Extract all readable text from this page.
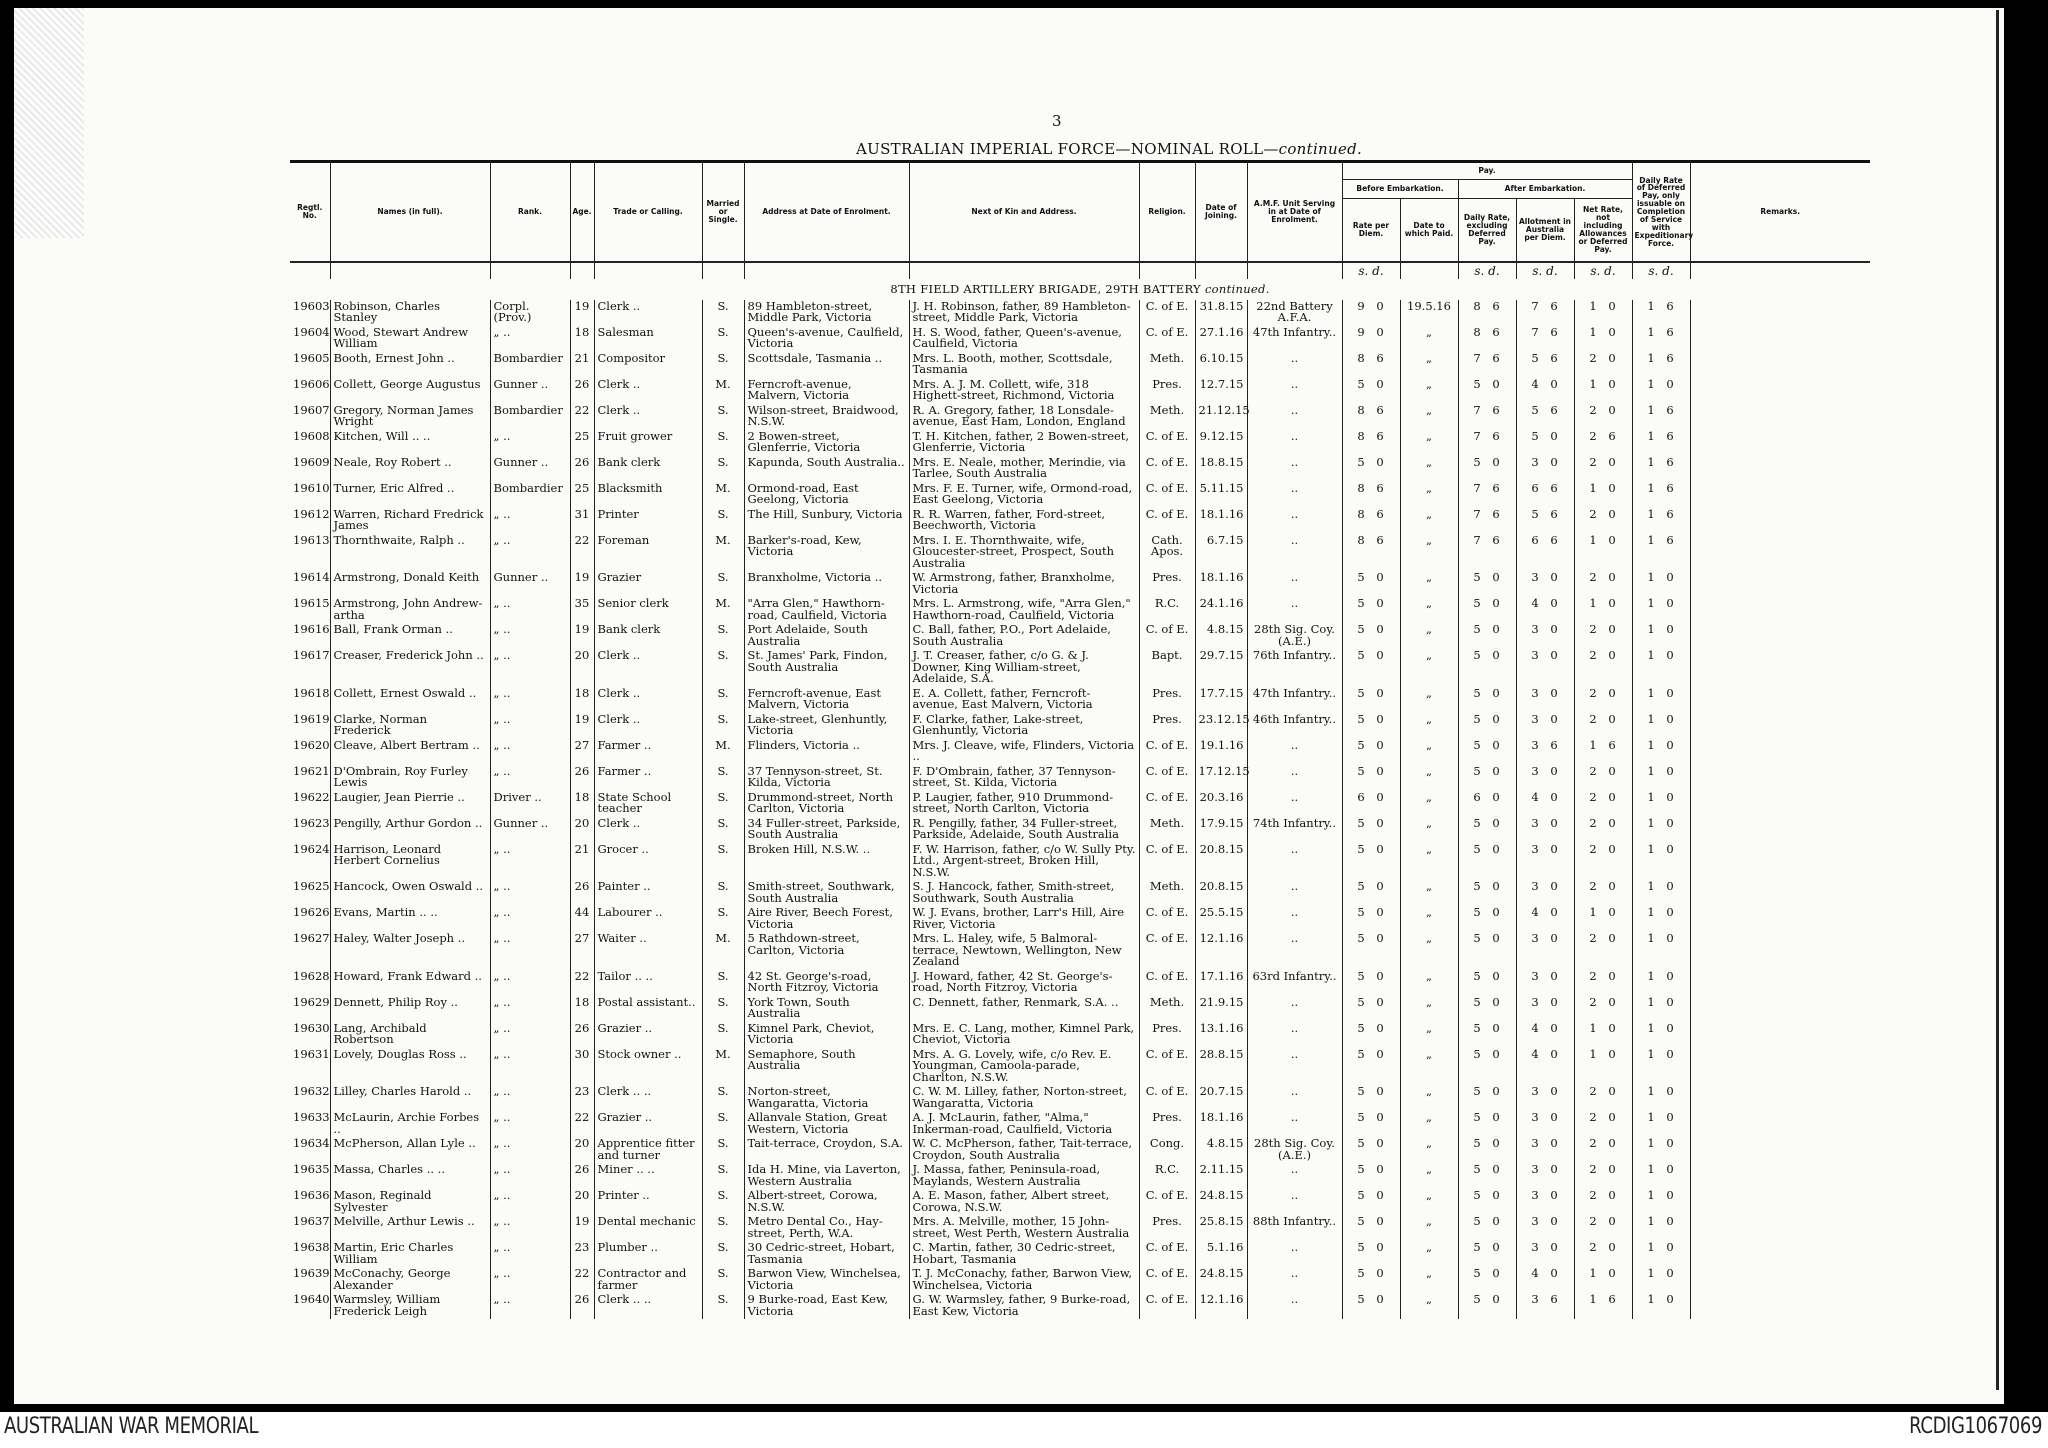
3
AUSTRALIAN IMPERIAL FORCE—NOMINAL ROLL—continued.
Regtl. No.	Names (in full).	Rank.	Age.	Trade or Calling.	Married or Single.	Address at Date of Enrolment.	Next of Kin and Address.	Religion.	Date of Joining.	A.M.F. Unit Serving in at Date of Enrolment.	Pay.					Daily Rate of Deferred Pay, only issuable on Completion of Service with Expeditionary Force.	Remarks.
											Before Embarkation.		After Embarkation.				
											Rate per Diem.	Date to which Paid.	Daily Rate, excluding Deferred Pay.	Allotment in Australia per Diem.	Net Rate, not including Allowances or Deferred Pay.		
											s. d.		s. d.	s. d.	s. d.	s. d.	
8TH FIELD ARTILLERY BRIGADE, 29TH BATTERY continued.																	
19603	Robinson, Charles Stanley	Corpl. (Prov.)	19	Clerk ..	S.	89 Hambleton-street, Middle Park, Victoria	J. H. Robinson, father, 89 Hambleton-street, Middle Park, Victoria	C. of E.	31.8.15	22nd Battery A.F.A.	9 0	19.5.16	8 6	7 6	1 0	1 6	
19604	Wood, Stewart Andrew William	„ ..	18	Salesman	S.	Queen's-avenue, Caulfield, Victoria	H. S. Wood, father, Queen's-avenue, Caulfield, Victoria	C. of E.	27.1.16	47th Infantry..	9 0	„	8 6	7 6	1 0	1 6	
19605	Booth, Ernest John ..	Bombardier	21	Compositor	S.	Scottsdale, Tasmania ..	Mrs. L. Booth, mother, Scottsdale, Tasmania	Meth.	6.10.15	..	8 6	„	7 6	5 6	2 0	1 6	
19606	Collett, George Augustus	Gunner ..	26	Clerk ..	M.	Ferncroft-avenue, Malvern, Victoria	Mrs. A. J. M. Collett, wife, 318 Highett-street, Richmond, Victoria	Pres.	12.7.15	..	5 0	„	5 0	4 0	1 0	1 0	
19607	Gregory, Norman James Wright	Bombardier	22	Clerk ..	S.	Wilson-street, Braidwood, N.S.W.	R. A. Gregory, father, 18 Lonsdale-avenue, East Ham, London, England	Meth.	21.12.15	..	8 6	„	7 6	5 6	2 0	1 6	
19608	Kitchen, Will .. ..	„ ..	25	Fruit grower	S.	2 Bowen-street, Glenferrie, Victoria	T. H. Kitchen, father, 2 Bowen-street, Glenferrie, Victoria	C. of E.	9.12.15	..	8 6	„	7 6	5 0	2 6	1 6	
19609	Neale, Roy Robert ..	Gunner ..	26	Bank clerk	S.	Kapunda, South Australia..	Mrs. E. Neale, mother, Merindie, via Tarlee, South Australia	C. of E.	18.8.15	..	5 0	„	5 0	3 0	2 0	1 6	
19610	Turner, Eric Alfred ..	Bombardier	25	Blacksmith	M.	Ormond-road, East Geelong, Victoria	Mrs. F. E. Turner, wife, Ormond-road, East Geelong, Victoria	C. of E.	5.11.15	..	8 6	„	7 6	6 6	1 0	1 6	
19612	Warren, Richard Fredrick James	„ ..	31	Printer	S.	The Hill, Sunbury, Victoria	R. R. Warren, father, Ford-street, Beechworth, Victoria	C. of E.	18.1.16	..	8 6	„	7 6	5 6	2 0	1 6	
19613	Thornthwaite, Ralph ..	„ ..	22	Foreman	M.	Barker's-road, Kew, Victoria	Mrs. I. E. Thornthwaite, wife, Gloucester-street, Prospect, South Australia	Cath. Apos.	6.7.15	..	8 6	„	7 6	6 6	1 0	1 6	
19614	Armstrong, Donald Keith	Gunner ..	19	Grazier	S.	Branxholme, Victoria ..	W. Armstrong, father, Branxholme, Victoria	Pres.	18.1.16	..	5 0	„	5 0	3 0	2 0	1 0	
19615	Armstrong, John Andrew-artha	„ ..	35	Senior clerk	M.	"Arra Glen," Hawthorn-road, Caulfield, Victoria	Mrs. L. Armstrong, wife, "Arra Glen," Hawthorn-road, Caulfield, Victoria	R.C.	24.1.16	..	5 0	„	5 0	4 0	1 0	1 0	
19616	Ball, Frank Orman ..	„ ..	19	Bank clerk	S.	Port Adelaide, South Australia	C. Ball, father, P.O., Port Adelaide, South Australia	C. of E.	4.8.15	28th Sig. Coy. (A.E.)	5 0	„	5 0	3 0	2 0	1 0	
19617	Creaser, Frederick John ..	„ ..	20	Clerk ..	S.	St. James' Park, Findon, South Australia	J. T. Creaser, father, c/o G. & J. Downer, King William-street, Adelaide, S.A.	Bapt.	29.7.15	76th Infantry..	5 0	„	5 0	3 0	2 0	1 0	
19618	Collett, Ernest Oswald ..	„ ..	18	Clerk ..	S.	Ferncroft-avenue, East Malvern, Victoria	E. A. Collett, father, Ferncroft-avenue, East Malvern, Victoria	Pres.	17.7.15	47th Infantry..	5 0	„	5 0	3 0	2 0	1 0	
19619	Clarke, Norman Frederick	„ ..	19	Clerk ..	S.	Lake-street, Glenhuntly, Victoria	F. Clarke, father, Lake-street, Glenhuntly, Victoria	Pres.	23.12.15	46th Infantry..	5 0	„	5 0	3 0	2 0	1 0	
19620	Cleave, Albert Bertram ..	„ ..	27	Farmer ..	M.	Flinders, Victoria ..	Mrs. J. Cleave, wife, Flinders, Victoria ..	C. of E.	19.1.16	..	5 0	„	5 0	3 6	1 6	1 0	
19621	D'Ombrain, Roy Furley Lewis	„ ..	26	Farmer ..	S.	37 Tennyson-street, St. Kilda, Victoria	F. D'Ombrain, father, 37 Tennyson-street, St. Kilda, Victoria	C. of E.	17.12.15	..	5 0	„	5 0	3 0	2 0	1 0	
19622	Laugier, Jean Pierrie ..	Driver ..	18	State School teacher	S.	Drummond-street, North Carlton, Victoria	P. Laugier, father, 910 Drummond-street, North Carlton, Victoria	C. of E.	20.3.16	..	6 0	„	6 0	4 0	2 0	1 0	
19623	Pengilly, Arthur Gordon ..	Gunner ..	20	Clerk ..	S.	34 Fuller-street, Parkside, South Australia	R. Pengilly, father, 34 Fuller-street, Parkside, Adelaide, South Australia	Meth.	17.9.15	74th Infantry..	5 0	„	5 0	3 0	2 0	1 0	
19624	Harrison, Leonard Herbert Cornelius	„ ..	21	Grocer ..	S.	Broken Hill, N.S.W. ..	F. W. Harrison, father, c/o W. Sully Pty. Ltd., Argent-street, Broken Hill, N.S.W.	C. of E.	20.8.15	..	5 0	„	5 0	3 0	2 0	1 0	
19625	Hancock, Owen Oswald ..	„ ..	26	Painter ..	S.	Smith-street, Southwark, South Australia	S. J. Hancock, father, Smith-street, Southwark, South Australia	Meth.	20.8.15	..	5 0	„	5 0	3 0	2 0	1 0	
19626	Evans, Martin .. ..	„ ..	44	Labourer ..	S.	Aire River, Beech Forest, Victoria	W. J. Evans, brother, Larr's Hill, Aire River, Victoria	C. of E.	25.5.15	..	5 0	„	5 0	4 0	1 0	1 0	
19627	Haley, Walter Joseph ..	„ ..	27	Waiter ..	M.	5 Rathdown-street, Carlton, Victoria	Mrs. L. Haley, wife, 5 Balmoral-terrace, Newtown, Wellington, New Zealand	C. of E.	12.1.16	..	5 0	„	5 0	3 0	2 0	1 0	
19628	Howard, Frank Edward ..	„ ..	22	Tailor .. ..	S.	42 St. George's-road, North Fitzroy, Victoria	J. Howard, father, 42 St. George's-road, North Fitzroy, Victoria	C. of E.	17.1.16	63rd Infantry..	5 0	„	5 0	3 0	2 0	1 0	
19629	Dennett, Philip Roy ..	„ ..	18	Postal assistant..	S.	York Town, South Australia	C. Dennett, father, Renmark, S.A. ..	Meth.	21.9.15	..	5 0	„	5 0	3 0	2 0	1 0	
19630	Lang, Archibald Robertson	„ ..	26	Grazier ..	S.	Kimnel Park, Cheviot, Victoria	Mrs. E. C. Lang, mother, Kimnel Park, Cheviot, Victoria	Pres.	13.1.16	..	5 0	„	5 0	4 0	1 0	1 0	
19631	Lovely, Douglas Ross ..	„ ..	30	Stock owner ..	M.	Semaphore, South Australia	Mrs. A. G. Lovely, wife, c/o Rev. E. Youngman, Camoola-parade, Charlton, N.S.W.	C. of E.	28.8.15	..	5 0	„	5 0	4 0	1 0	1 0	
19632	Lilley, Charles Harold ..	„ ..	23	Clerk .. ..	S.	Norton-street, Wangaratta, Victoria	C. W. M. Lilley, father, Norton-street, Wangaratta, Victoria	C. of E.	20.7.15	..	5 0	„	5 0	3 0	2 0	1 0	
19633	McLaurin, Archie Forbes ..	„ ..	22	Grazier ..	S.	Allanvale Station, Great Western, Victoria	A. J. McLaurin, father, "Alma," Inkerman-road, Caulfield, Victoria	Pres.	18.1.16	..	5 0	„	5 0	3 0	2 0	1 0	
19634	McPherson, Allan Lyle ..	„ ..	20	Apprentice fitter and turner	S.	Tait-terrace, Croydon, S.A.	W. C. McPherson, father, Tait-terrace, Croydon, South Australia	Cong.	4.8.15	28th Sig. Coy. (A.E.)	5 0	„	5 0	3 0	2 0	1 0	
19635	Massa, Charles .. ..	„ ..	26	Miner .. ..	S.	Ida H. Mine, via Laverton, Western Australia	J. Massa, father, Peninsula-road, Maylands, Western Australia	R.C.	2.11.15	..	5 0	„	5 0	3 0	2 0	1 0	
19636	Mason, Reginald Sylvester	„ ..	20	Printer ..	S.	Albert-street, Corowa, N.S.W.	A. E. Mason, father, Albert street, Corowa, N.S.W.	C. of E.	24.8.15	..	5 0	„	5 0	3 0	2 0	1 0	
19637	Melville, Arthur Lewis ..	„ ..	19	Dental mechanic	S.	Metro Dental Co., Hay-street, Perth, W.A.	Mrs. A. Melville, mother, 15 John-street, West Perth, Western Australia	Pres.	25.8.15	88th Infantry..	5 0	„	5 0	3 0	2 0	1 0	
19638	Martin, Eric Charles William	„ ..	23	Plumber ..	S.	30 Cedric-street, Hobart, Tasmania	C. Martin, father, 30 Cedric-street, Hobart, Tasmania	C. of E.	5.1.16	..	5 0	„	5 0	3 0	2 0	1 0	
19639	McConachy, George Alexander	„ ..	22	Contractor and farmer	S.	Barwon View, Winchelsea, Victoria	T. J. McConachy, father, Barwon View, Winchelsea, Victoria	C. of E.	24.8.15	..	5 0	„	5 0	4 0	1 0	1 0	
19640	Warmsley, William Frederick Leigh	„ ..	26	Clerk .. ..	S.	9 Burke-road, East Kew, Victoria	G. W. Warmsley, father, 9 Burke-road, East Kew, Victoria	C. of E.	12.1.16	..	5 0	„	5 0	3 6	1 6	1 0	
AUSTRALIAN WAR MEMORIAL	RCDIG1067069
